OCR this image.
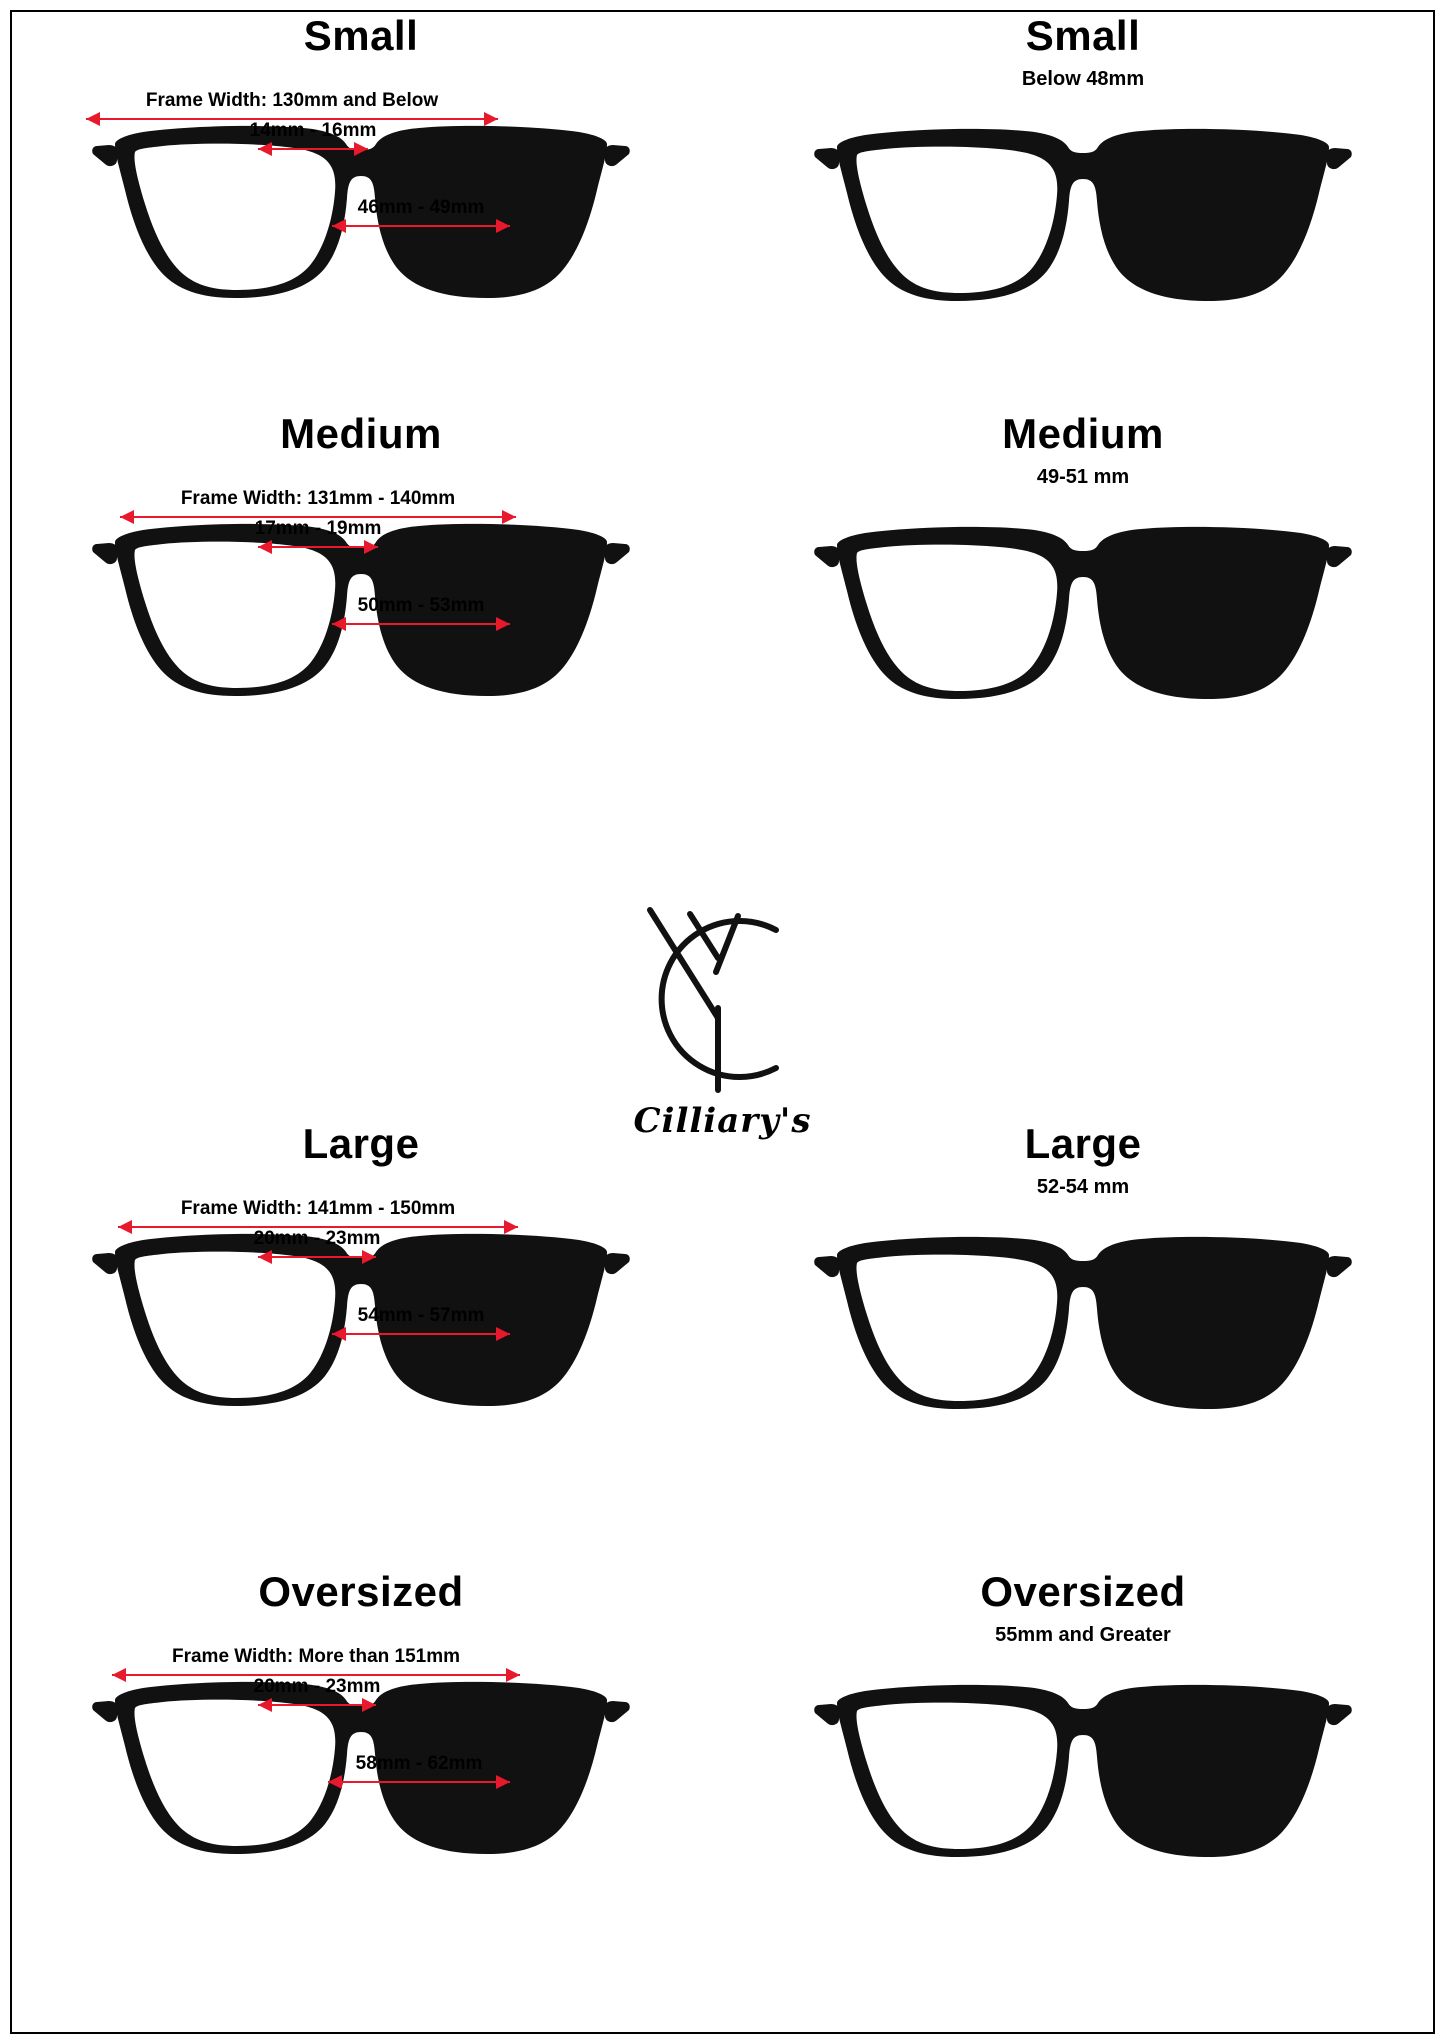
Small
Frame Width: 130mm and Below
14mm - 16mm
46mm - 49mm
Medium
Frame Width: 131mm - 140mm
17mm - 19mm
50mm - 53mm
Large
Frame Width: 141mm - 150mm
20mm - 23mm
54mm - 57mm
Oversized
Frame Width: More than 151mm
20mm - 23mm
58mm - 62mm
Small
Below 48mm
Medium
49-51 mm
Large
52-54 mm
Oversized
55mm and Greater
Cilliary's
